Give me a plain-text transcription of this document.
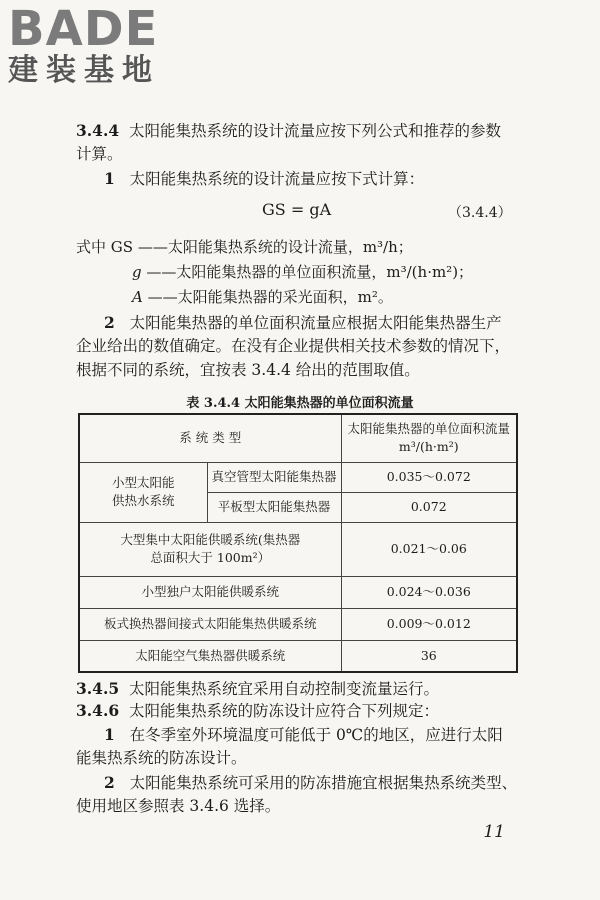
BADE
建装基地
3.4.4 太阳能集热系统的设计流量应按下列公式和推荐的参数
计算。
1 太阳能集热系统的设计流量应按下式计算：
GS = gA	（3.4.4）
式中 GS ——太阳能集热系统的设计流量，m³/h；
g ——太阳能集热器的单位面积流量，m³/(h·m²)；
A ——太阳能集热器的采光面积，m²。
2 太阳能集热器的单位面积流量应根据太阳能集热器生产
企业给出的数值确定。在没有企业提供相关技术参数的情况下，
根据不同的系统，宜按表 3.4.4 给出的范围取值。
表 3.4.4 太阳能集热器的单位面积流量
系 统 类 型		太阳能集热器的单位面积流量
m³/(h·m²)

小型太阳能
供热水系统	真空管型太阳能集热器	0.035～0.072
	平板型太阳能集热器	0.072

大型集中太阳能供暖系统(集热器
总面积大于 100m²）		0.021～0.06
小型独户太阳能供暖系统		0.024～0.036
板式换热器间接式太阳能集热供暖系统		0.009～0.012
太阳能空气集热器供暖系统		36
3.4.5 太阳能集热系统宜采用自动控制变流量运行。
3.4.6 太阳能集热系统的防冻设计应符合下列规定：
1 在冬季室外环境温度可能低于 0℃的地区，应进行太阳
能集热系统的防冻设计。
2 太阳能集热系统可采用的防冻措施宜根据集热系统类型、
使用地区参照表 3.4.6 选择。
11
